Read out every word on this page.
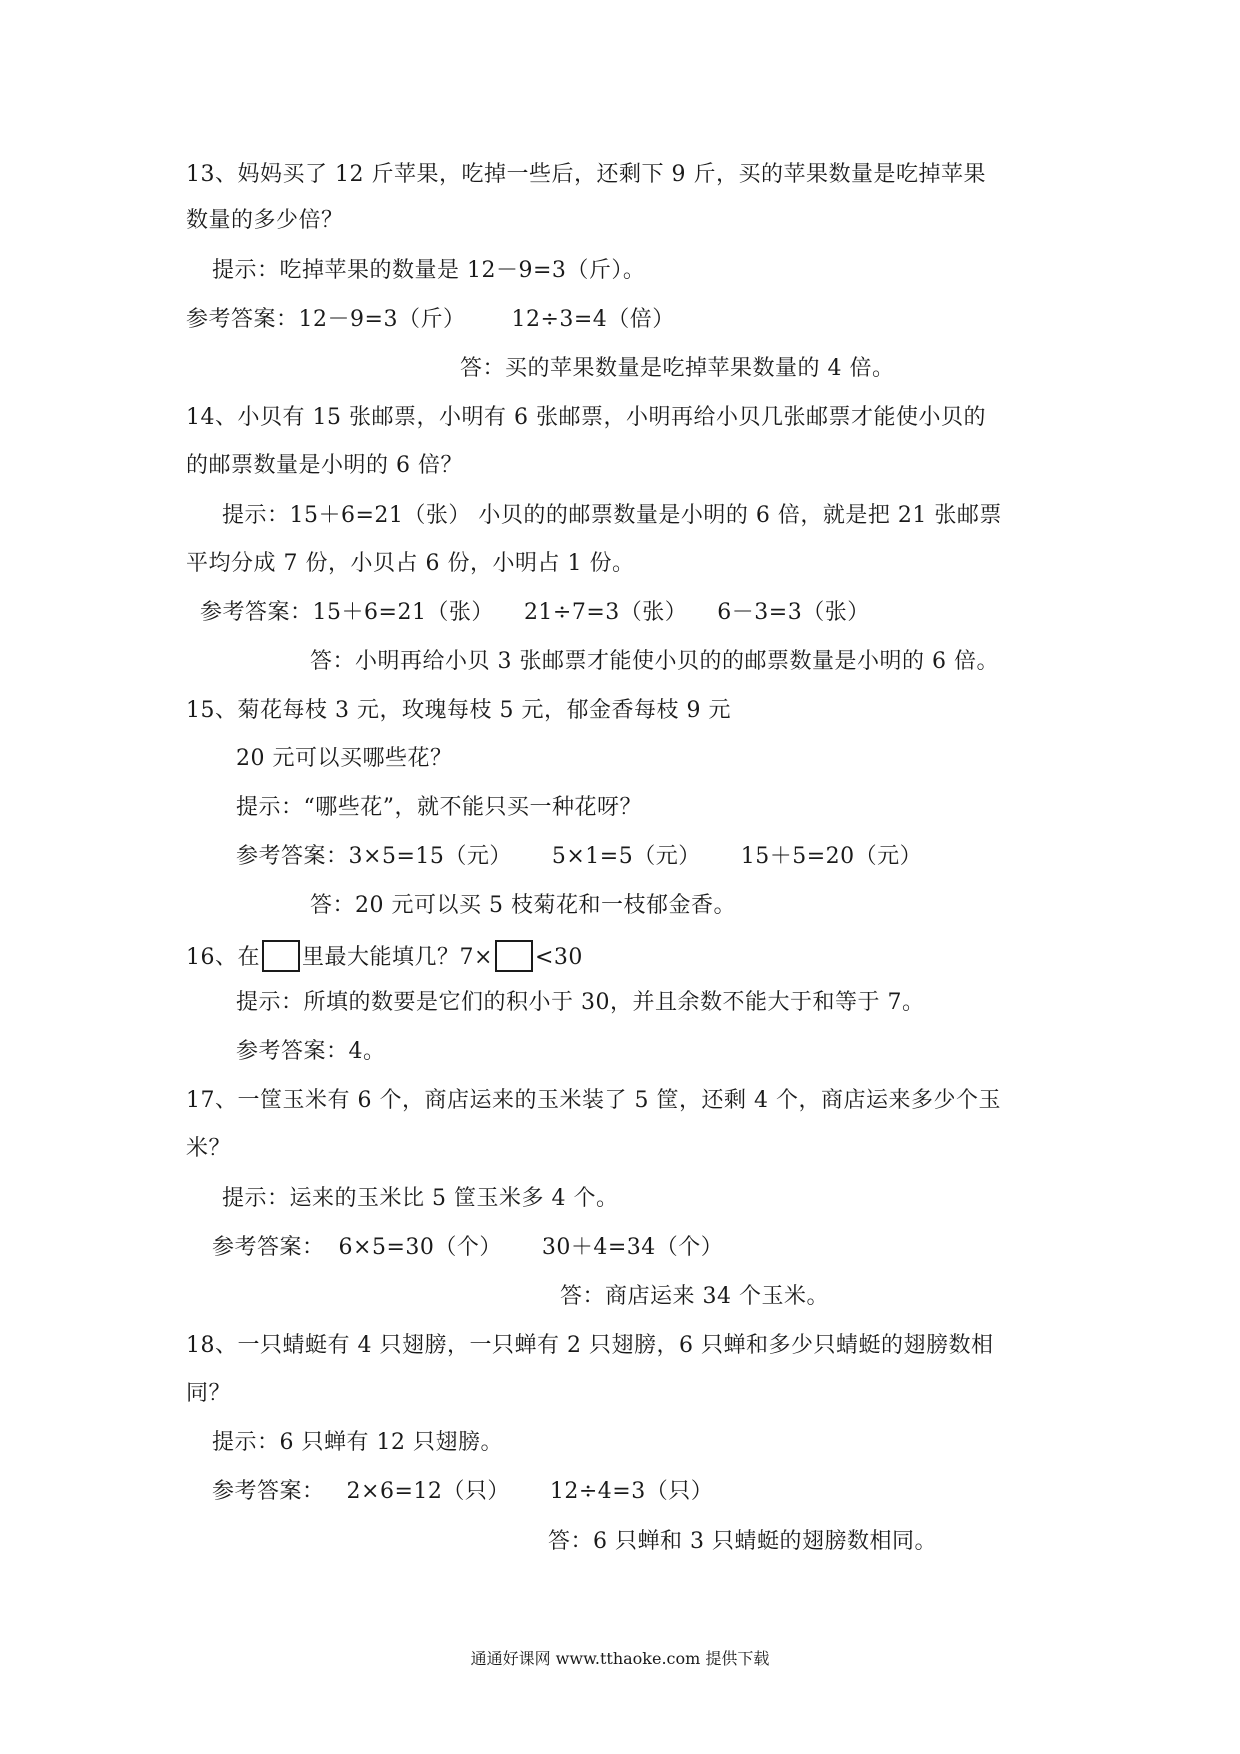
13、妈妈买了 12 斤苹果，吃掉一些后，还剩下 9 斤，买的苹果数量是吃掉苹果
数量的多少倍？
提示：吃掉苹果的数量是 12－9=3（斤）。
参考答案：12－9=3（斤） 12÷3=4（倍）
答：买的苹果数量是吃掉苹果数量的 4 倍。
14、小贝有 15 张邮票，小明有 6 张邮票，小明再给小贝几张邮票才能使小贝的
的邮票数量是小明的 6 倍？
提示：15＋6=21（张） 小贝的的邮票数量是小明的 6 倍，就是把 21 张邮票
平均分成 7 份，小贝占 6 份，小明占 1 份。
参考答案：15＋6=21（张） 21÷7=3（张） 6－3=3（张）
答：小明再给小贝 3 张邮票才能使小贝的的邮票数量是小明的 6 倍。
15、菊花每枝 3 元，玫瑰每枝 5 元，郁金香每枝 9 元
20 元可以买哪些花？
提示：“哪些花”，就不能只买一种花呀？
参考答案：3×5=15（元） 5×1=5（元） 15＋5=20（元）
答：20 元可以买 5 枝菊花和一枝郁金香。
16、在 里最大能填几？7× <30
提示：所填的数要是它们的积小于 30，并且余数不能大于和等于 7。
参考答案：4。
17、一筐玉米有 6 个，商店运来的玉米装了 5 筐，还剩 4 个，商店运来多少个玉
米？
提示：运来的玉米比 5 筐玉米多 4 个。
参考答案： 6×5=30（个） 30＋4=34（个）
答：商店运来 34 个玉米。
18、一只蜻蜓有 4 只翅膀，一只蝉有 2 只翅膀，6 只蝉和多少只蜻蜓的翅膀数相
同？
提示：6 只蝉有 12 只翅膀。
参考答案： 2×6=12（只） 12÷4=3（只）
答：6 只蝉和 3 只蜻蜓的翅膀数相同。
通通好课网 www.tthaoke.com 提供下载
